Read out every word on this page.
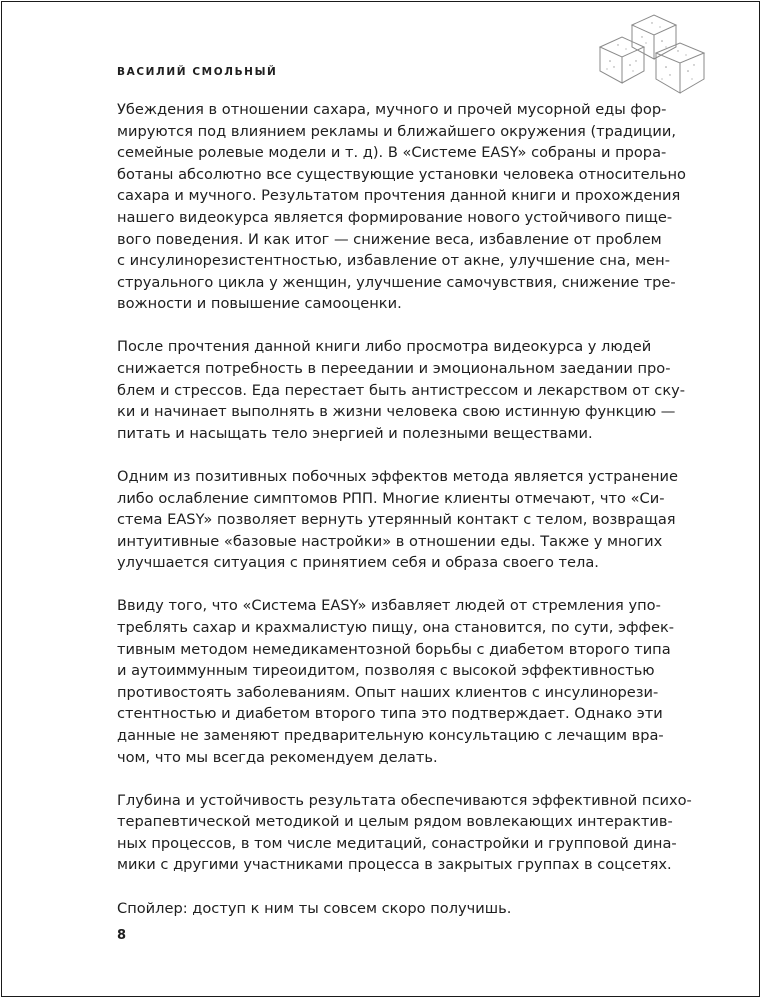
ВАСИЛИЙ СМОЛЬНЫЙ

Убеждения в отношении сахара, мучного и прочей мусорной еды фор-
мируются под влиянием рекламы и ближайшего окружения (традиции,
семейные ролевые модели и т. д). В «Системе EASY» собраны и прора-
ботаны абсолютно все существующие установки человека относительно
сахара и мучного. Результатом прочтения данной книги и прохождения
нашего видеокурса является формирование нового устойчивого пище-
вого поведения. И как итог — снижение веса, избавление от проблем
с инсулинорезистентностью, избавление от акне, улучшение сна, мен-
струального цикла у женщин, улучшение самочувствия, снижение тре-
вожности и повышение самооценки.

После прочтения данной книги либо просмотра видеокурса у людей
снижается потребность в переедании и эмоциональном заедании про-
блем и стрессов. Еда перестает быть антистрессом и лекарством от ску-
ки и начинает выполнять в жизни человека свою истинную функцию —
питать и насыщать тело энергией и полезными веществами.

Одним из позитивных побочных эффектов метода является устранение
либо ослабление симптомов РПП. Многие клиенты отмечают, что «Си-
стема EASY» позволяет вернуть утерянный контакт с телом, возвращая
интуитивные «базовые настройки» в отношении еды. Также у многих
улучшается ситуация с принятием себя и образа своего тела.

Ввиду того, что «Система EASY» избавляет людей от стремления упо-
треблять сахар и крахмалистую пищу, она становится, по сути, эффек-
тивным методом немедикаментозной борьбы с диабетом второго типа
и аутоиммунным тиреоидитом, позволяя с высокой эффективностью
противостоять заболеваниям. Опыт наших клиентов с инсулинорези-
стентностью и диабетом второго типа это подтверждает. Однако эти
данные не заменяют предварительную консультацию с лечащим вра-
чом, что мы всегда рекомендуем делать.

Глубина и устойчивость результата обеспечиваются эффективной психо-
терапевтической методикой и целым рядом вовлекающих интерактив-
ных процессов, в том числе медитаций, сонастройки и групповой дина-
мики с другими участниками процесса в закрытых группах в соцсетях.

Спойлер: доступ к ним ты совсем скоро получишь.

8
